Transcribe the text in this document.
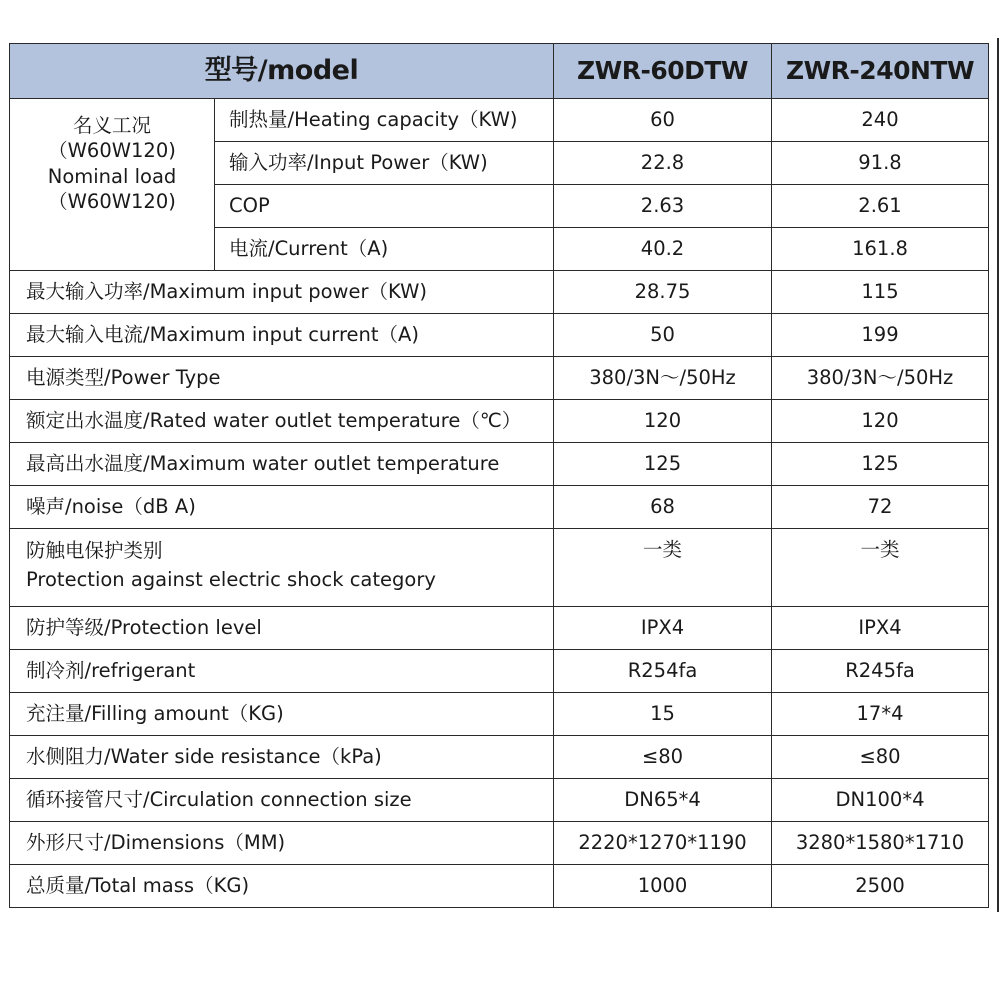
型号/model		ZWR-60DTW	ZWR-240NTW

名义工况
（W60W120)
Nominal load
（W60W120)	制热量/Heating capacity（KW)	60	240
	输入功率/Input Power（KW)	22.8	91.8
	COP	2.63	2.61
	电流/Current（A)	40.2	161.8
最大输入功率/Maximum input power（KW)		28.75	115
最大输入电流/Maximum input current（A)		50	199
电源类型/Power Type		380/3N～/50Hz	380/3N～/50Hz
额定出水温度/Rated water outlet temperature（℃）		120	120
最高出水温度/Maximum water outlet temperature		125	125
噪声/noise（dB A)		68	72

防触电保护类别
Protection against electric shock category		一类	一类
防护等级/Protection level		IPX4	IPX4
制冷剂/refrigerant		R254fa	R245fa
充注量/Filling amount（KG)		15	17*4
水侧阻力/Water side resistance（kPa)		≤80	≤80
循环接管尺寸/Circulation connection size		DN65*4	DN100*4
外形尺寸/Dimensions（MM)		2220*1270*1190	3280*1580*1710
总质量/Total mass（KG)		1000	2500
